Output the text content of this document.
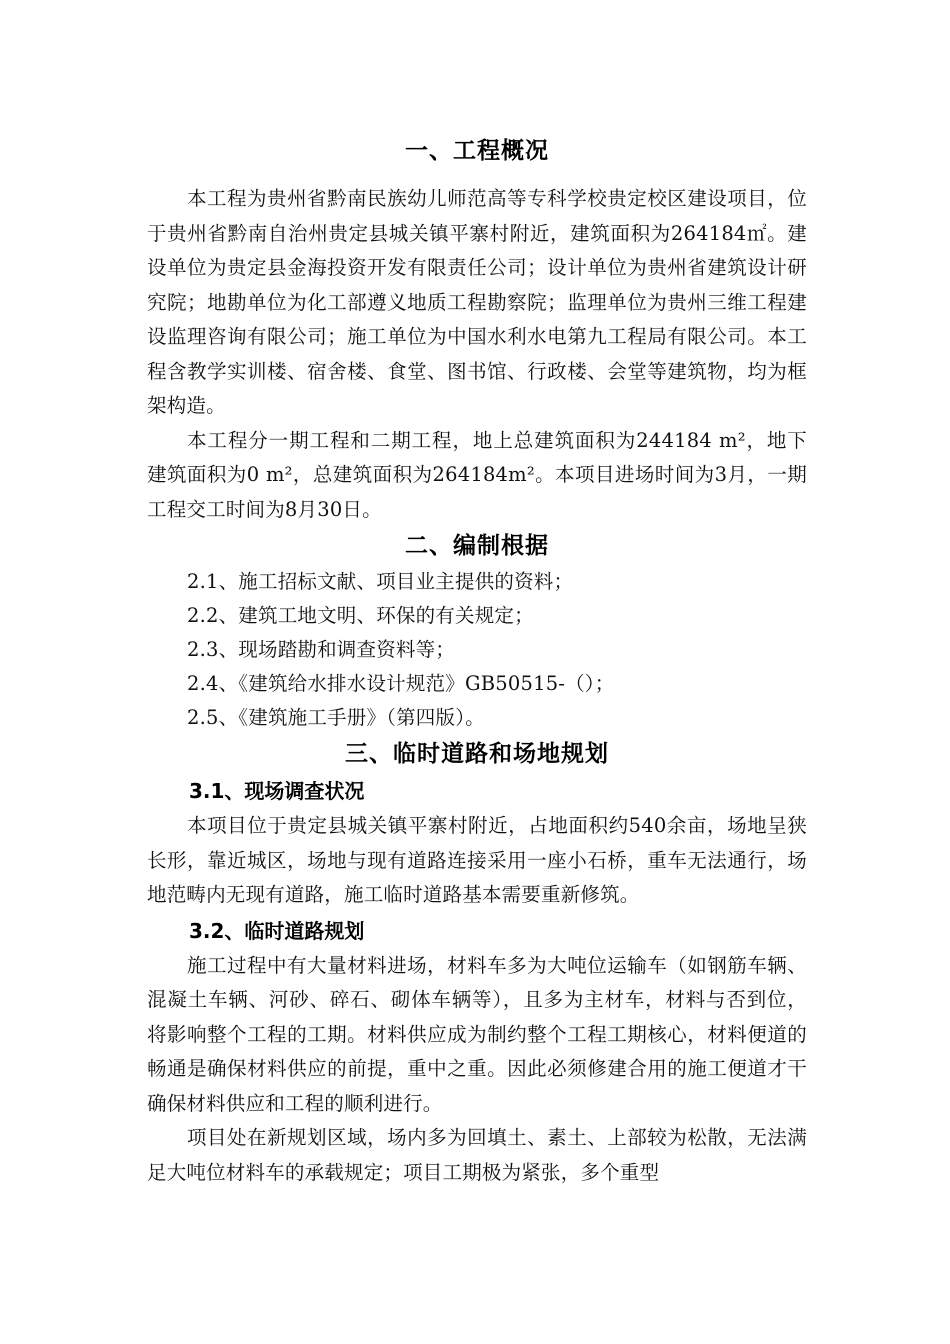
一、工程概况

本工程为贵州省黔南民族幼儿师范高等专科学校贵定校区建设项目，位于贵州省黔南自治州贵定县城关镇平寨村附近，建筑面积为264184㎡。建设单位为贵定县金海投资开发有限责任公司；设计单位为贵州省建筑设计研究院；地勘单位为化工部遵义地质工程勘察院；监理单位为贵州三维工程建设监理咨询有限公司；施工单位为中国水利水电第九工程局有限公司。本工程含教学实训楼、宿舍楼、食堂、图书馆、行政楼、会堂等建筑物，均为框架构造。

本工程分一期工程和二期工程，地上总建筑面积为244184 m²，地下建筑面积为0 m²，总建筑面积为264184m²。本项目进场时间为3月，一期工程交工时间为8月30日。

二、编制根据

2.1、施工招标文献、项目业主提供的资料；

2.2、建筑工地文明、环保的有关规定；

2.3、现场踏勘和调查资料等；

2.4、《建筑给水排水设计规范》GB50515-（）；

2.5、《建筑施工手册》（第四版）。

三、临时道路和场地规划
3.1、现场调查状况

本项目位于贵定县城关镇平寨村附近，占地面积约540余亩，场地呈狭长形，靠近城区，场地与现有道路连接采用一座小石桥，重车无法通行，场地范畴内无现有道路，施工临时道路基本需要重新修筑。

3.2、临时道路规划

施工过程中有大量材料进场，材料车多为大吨位运输车（如钢筋车辆、混凝土车辆、河砂、碎石、砌体车辆等），且多为主材车，材料与否到位，将影响整个工程的工期。材料供应成为制约整个工程工期核心，材料便道的畅通是确保材料供应的前提，重中之重。因此必须修建合用的施工便道才干确保材料供应和工程的顺利进行。

项目处在新规划区域，场内多为回填土、素土、上部较为松散，无法满足大吨位材料车的承载规定；项目工期极为紧张，多个重型
